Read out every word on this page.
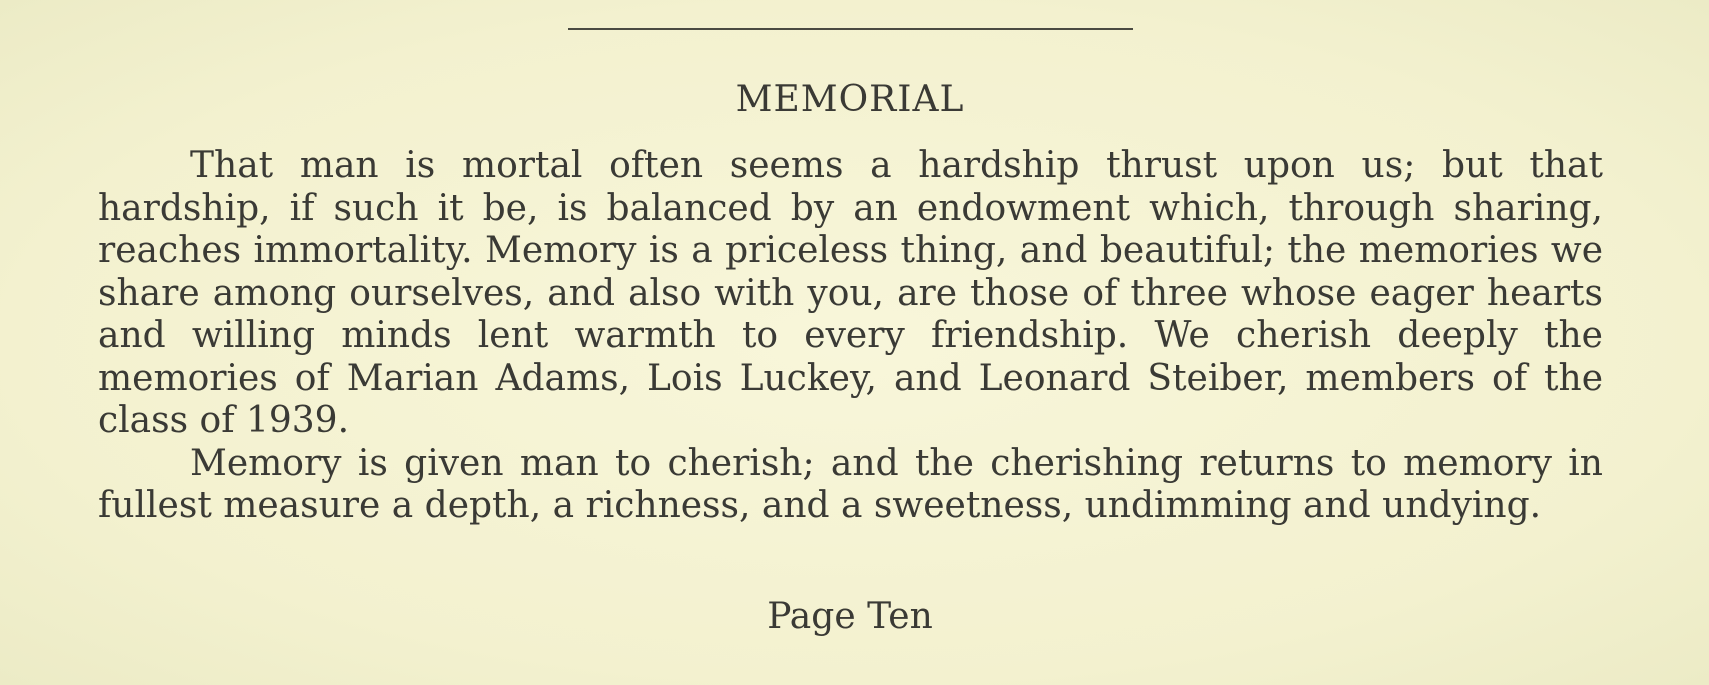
MEMORIAL

That man is mortal often seems a hardship thrust upon us; but that hardship, if such it be, is balanced by an endowment which, through sharing, reaches immortality. Memory is a priceless thing, and beautiful; the memories we share among ourselves, and also with you, are those of three whose eager hearts and willing minds lent warmth to every friendship. We cherish deeply the memories of Marian Adams, Lois Luckey, and Leonard Steiber, members of the class of 1939.

Memory is given man to cherish; and the cherishing returns to memory in fullest measure a depth, a richness, and a sweetness, undimming and undying.

Page Ten
